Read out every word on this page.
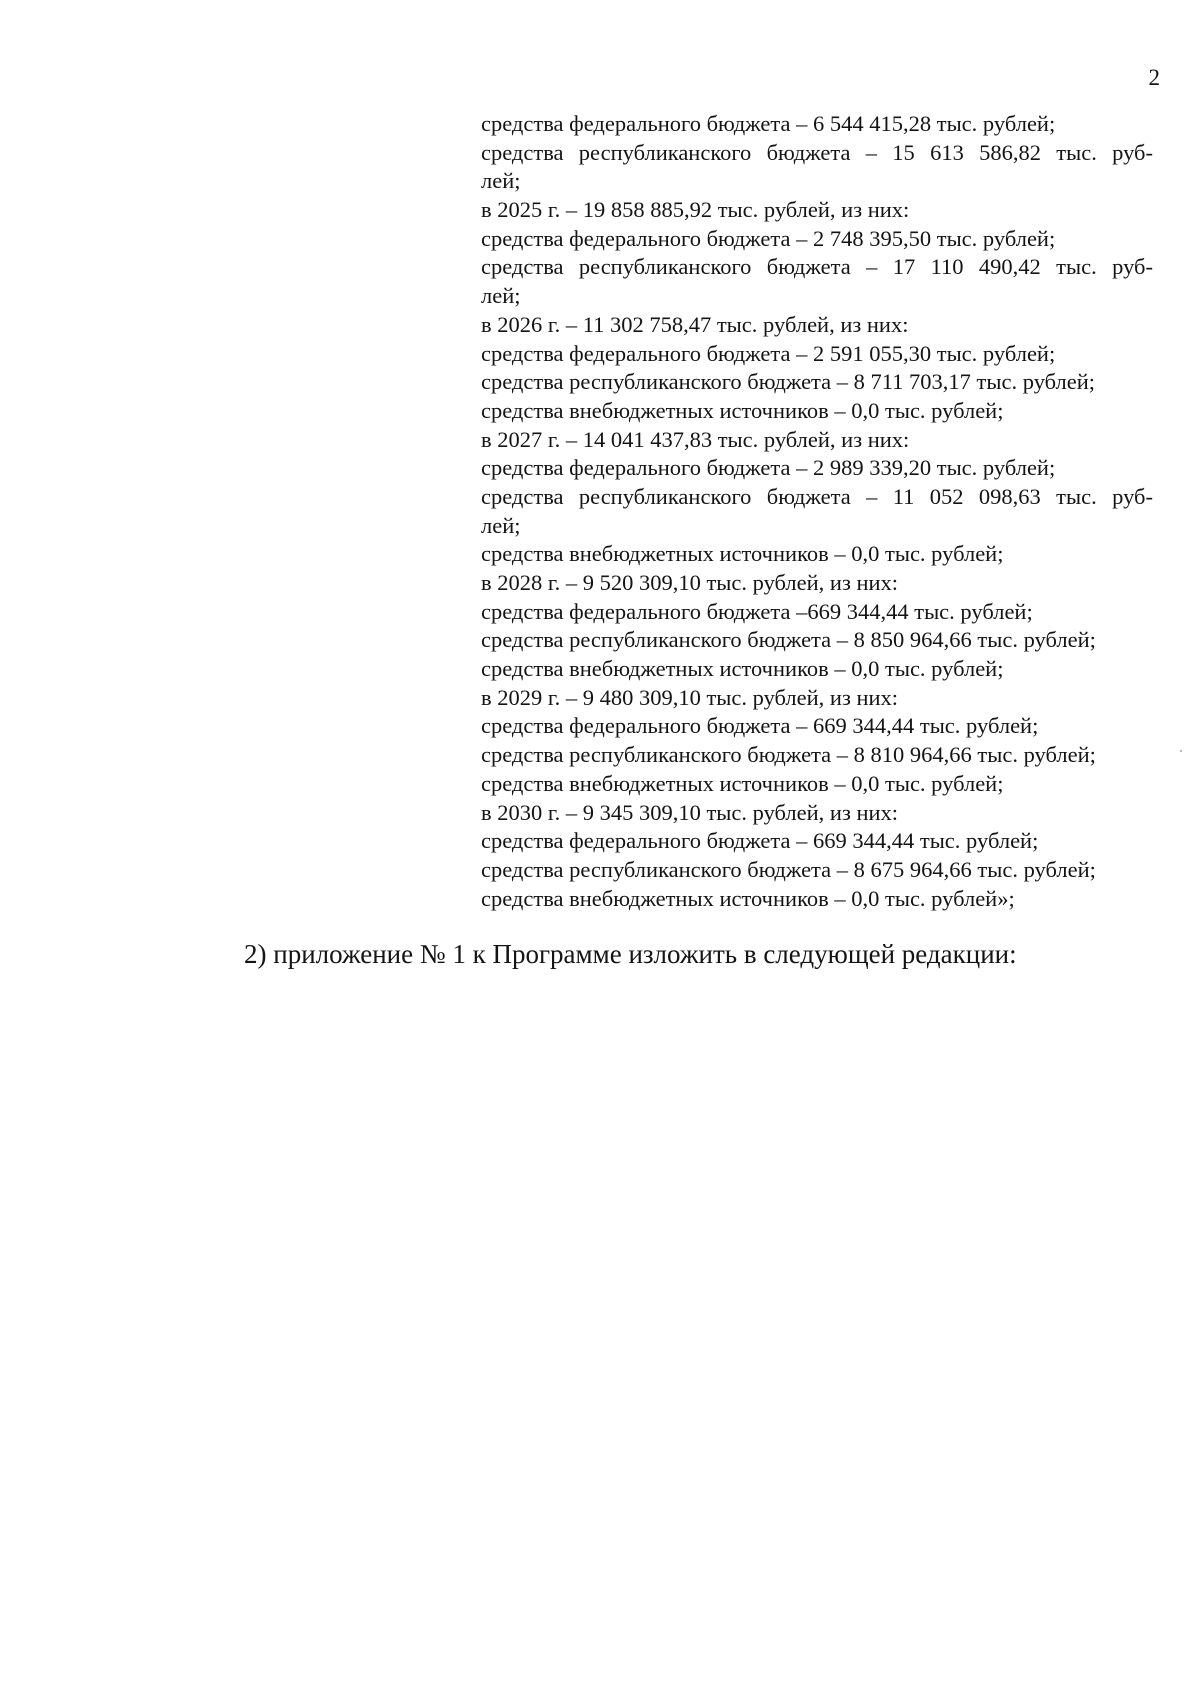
2
средства федерального бюджета – 6 544 415,28 тыс. рублей;
средства республиканского бюджета – 15 613 586,82 тыс. руб-
лей;
в 2025 г. – 19 858 885,92 тыс. рублей, из них:
средства федерального бюджета – 2 748 395,50 тыс. рублей;
средства республиканского бюджета – 17 110 490,42 тыс. руб-
лей;
в 2026 г. – 11 302 758,47 тыс. рублей, из них:
средства федерального бюджета – 2 591 055,30 тыс. рублей;
средства республиканского бюджета – 8 711 703,17 тыс. рублей;
средства внебюджетных источников – 0,0 тыс. рублей;
в 2027 г. – 14 041 437,83 тыс. рублей, из них:
средства федерального бюджета – 2 989 339,20 тыс. рублей;
средства республиканского бюджета – 11 052 098,63 тыс. руб-
лей;
средства внебюджетных источников – 0,0 тыс. рублей;
в 2028 г. – 9 520 309,10 тыс. рублей, из них:
средства федерального бюджета –669 344,44 тыс. рублей;
средства республиканского бюджета – 8 850 964,66 тыс. рублей;
средства внебюджетных источников – 0,0 тыс. рублей;
в 2029 г. – 9 480 309,10 тыс. рублей, из них:
средства федерального бюджета – 669 344,44 тыс. рублей;
средства республиканского бюджета – 8 810 964,66 тыс. рублей;
средства внебюджетных источников – 0,0 тыс. рублей;
в 2030 г. – 9 345 309,10 тыс. рублей, из них:
средства федерального бюджета – 669 344,44 тыс. рублей;
средства республиканского бюджета – 8 675 964,66 тыс. рублей;
средства внебюджетных источников – 0,0 тыс. рублей»;
2) приложение № 1 к Программе изложить в следующей редакции:
